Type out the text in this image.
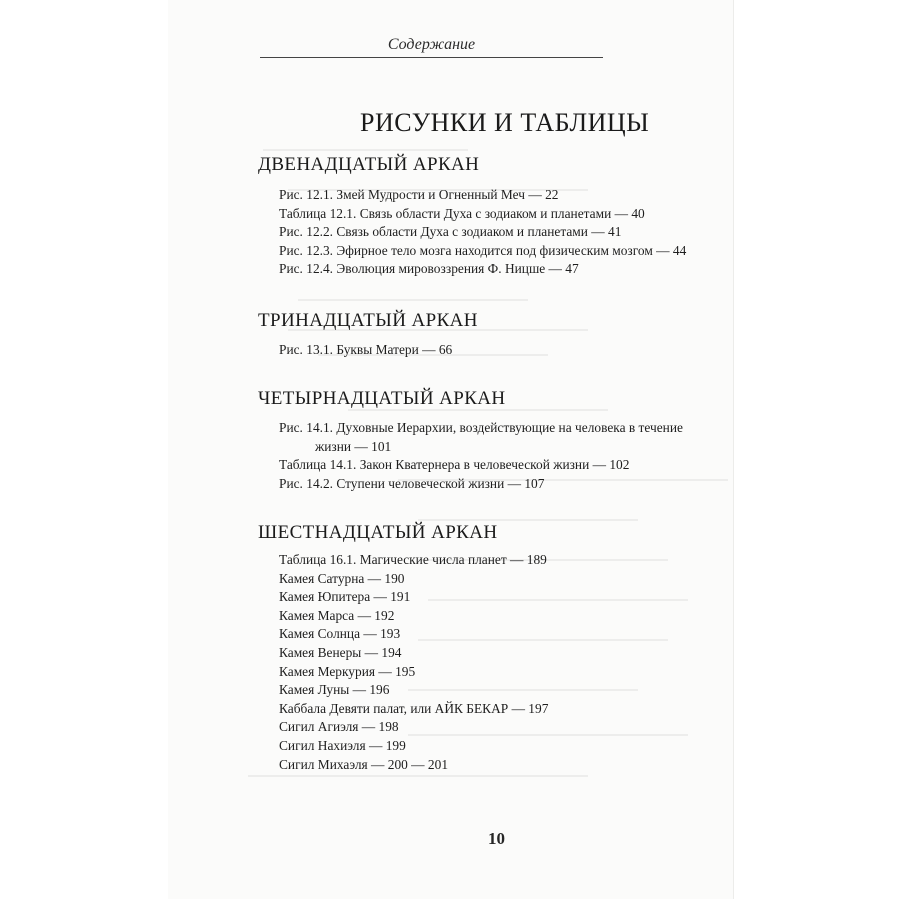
Содержание
РИСУНКИ И ТАБЛИЦЫ
ДВЕНАДЦАТЫЙ АРКАН
Рис. 12.1. Змей Мудрости и Огненный Меч — 22
Таблица 12.1. Связь области Духа с зодиаком и планетами — 40
Рис. 12.2. Связь области Духа с зодиаком и планетами — 41
Рис. 12.3. Эфирное тело мозга находится под физическим мозгом — 44
Рис. 12.4. Эволюция мировоззрения Ф. Ницше — 47
ТРИНАДЦАТЫЙ АРКАН
Рис. 13.1. Буквы Матери — 66
ЧЕТЫРНАДЦАТЫЙ АРКАН
Рис. 14.1. Духовные Иерархии, воздействующие на человека в течение
жизни — 101
Таблица 14.1. Закон Кватернера в человеческой жизни — 102
Рис. 14.2. Ступени человеческой жизни — 107
ШЕСТНАДЦАТЫЙ АРКАН
Таблица 16.1. Магические числа планет — 189
Камея Сатурна — 190
Камея Юпитера — 191
Камея Марса — 192
Камея Солнца — 193
Камея Венеры — 194
Камея Меркурия — 195
Камея Луны — 196
Каббала Девяти палат, или АЙК БЕКАР — 197
Сигил Агиэля — 198
Сигил Нахиэля — 199
Сигил Михаэля — 200 — 201
10
